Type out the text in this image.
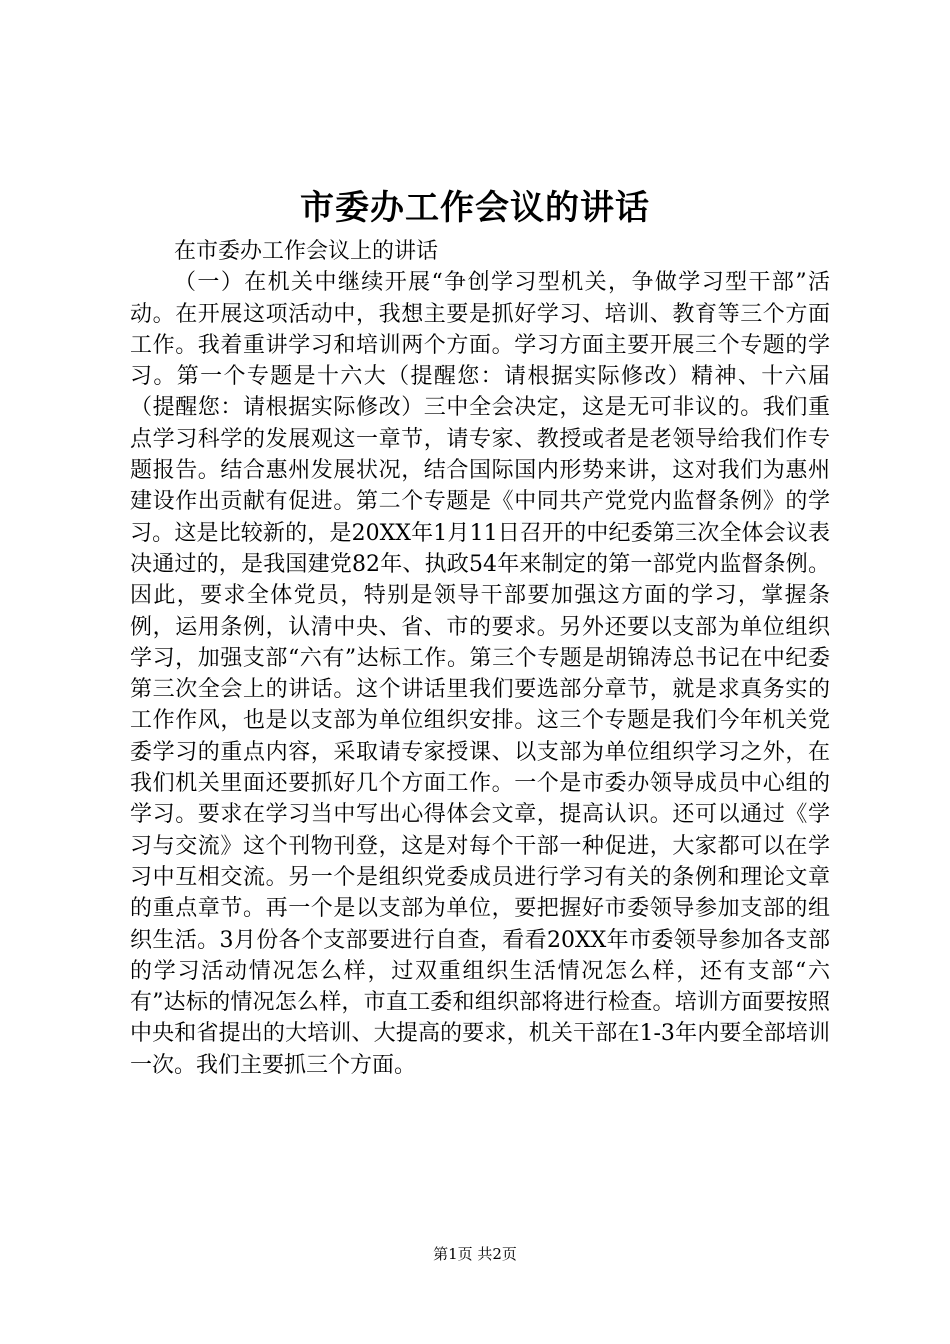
市委办工作会议的讲话
在市委办工作会议上的讲话
（一）在机关中继续开展“争创学习型机关，争做学习型干部”活动。在开展这项活动中，我想主要是抓好学习、培训、教育等三个方面工作。我着重讲学习和培训两个方面。学习方面主要开展三个专题的学习。第一个专题是十六大（提醒您：请根据实际修改）精神、十六届（提醒您：请根据实际修改）三中全会决定，这是无可非议的。我们重点学习科学的发展观这一章节，请专家、教授或者是老领导给我们作专题报告。结合惠州发展状况，结合国际国内形势来讲，这对我们为惠州建设作出贡献有促进。第二个专题是《中同共产党党内监督条例》的学习。这是比较新的，是20XX年1月11日召开的中纪委第三次全体会议表决通过的，是我国建党82年、执政54年来制定的第一部党内监督条例。因此，要求全体党员，特别是领导干部要加强这方面的学习，掌握条例，运用条例，认清中央、省、市的要求。另外还要以支部为单位组织学习，加强支部“六有”达标工作。第三个专题是胡锦涛总书记在中纪委第三次全会上的讲话。这个讲话里我们要选部分章节，就是求真务实的工作作风，也是以支部为单位组织安排。这三个专题是我们今年机关党委学习的重点内容，采取请专家授课、以支部为单位组织学习之外，在我们机关里面还要抓好几个方面工作。一个是市委办领导成员中心组的学习。要求在学习当中写出心得体会文章，提高认识。还可以通过《学习与交流》这个刊物刊登，这是对每个干部一种促进，大家都可以在学习中互相交流。另一个是组织党委成员进行学习有关的条例和理论文章的重点章节。再一个是以支部为单位，要把握好市委领导参加支部的组织生活。3月份各个支部要进行自查，看看20XX年市委领导参加各支部的学习活动情况怎么样，过双重组织生活情况怎么样，还有支部“六有”达标的情况怎么样，市直工委和组织部将进行检查。培训方面要按照中央和省提出的大培训、大提高的要求，机关干部在1-3年内要全部培训一次。我们主要抓三个方面。
第1页 共2页
